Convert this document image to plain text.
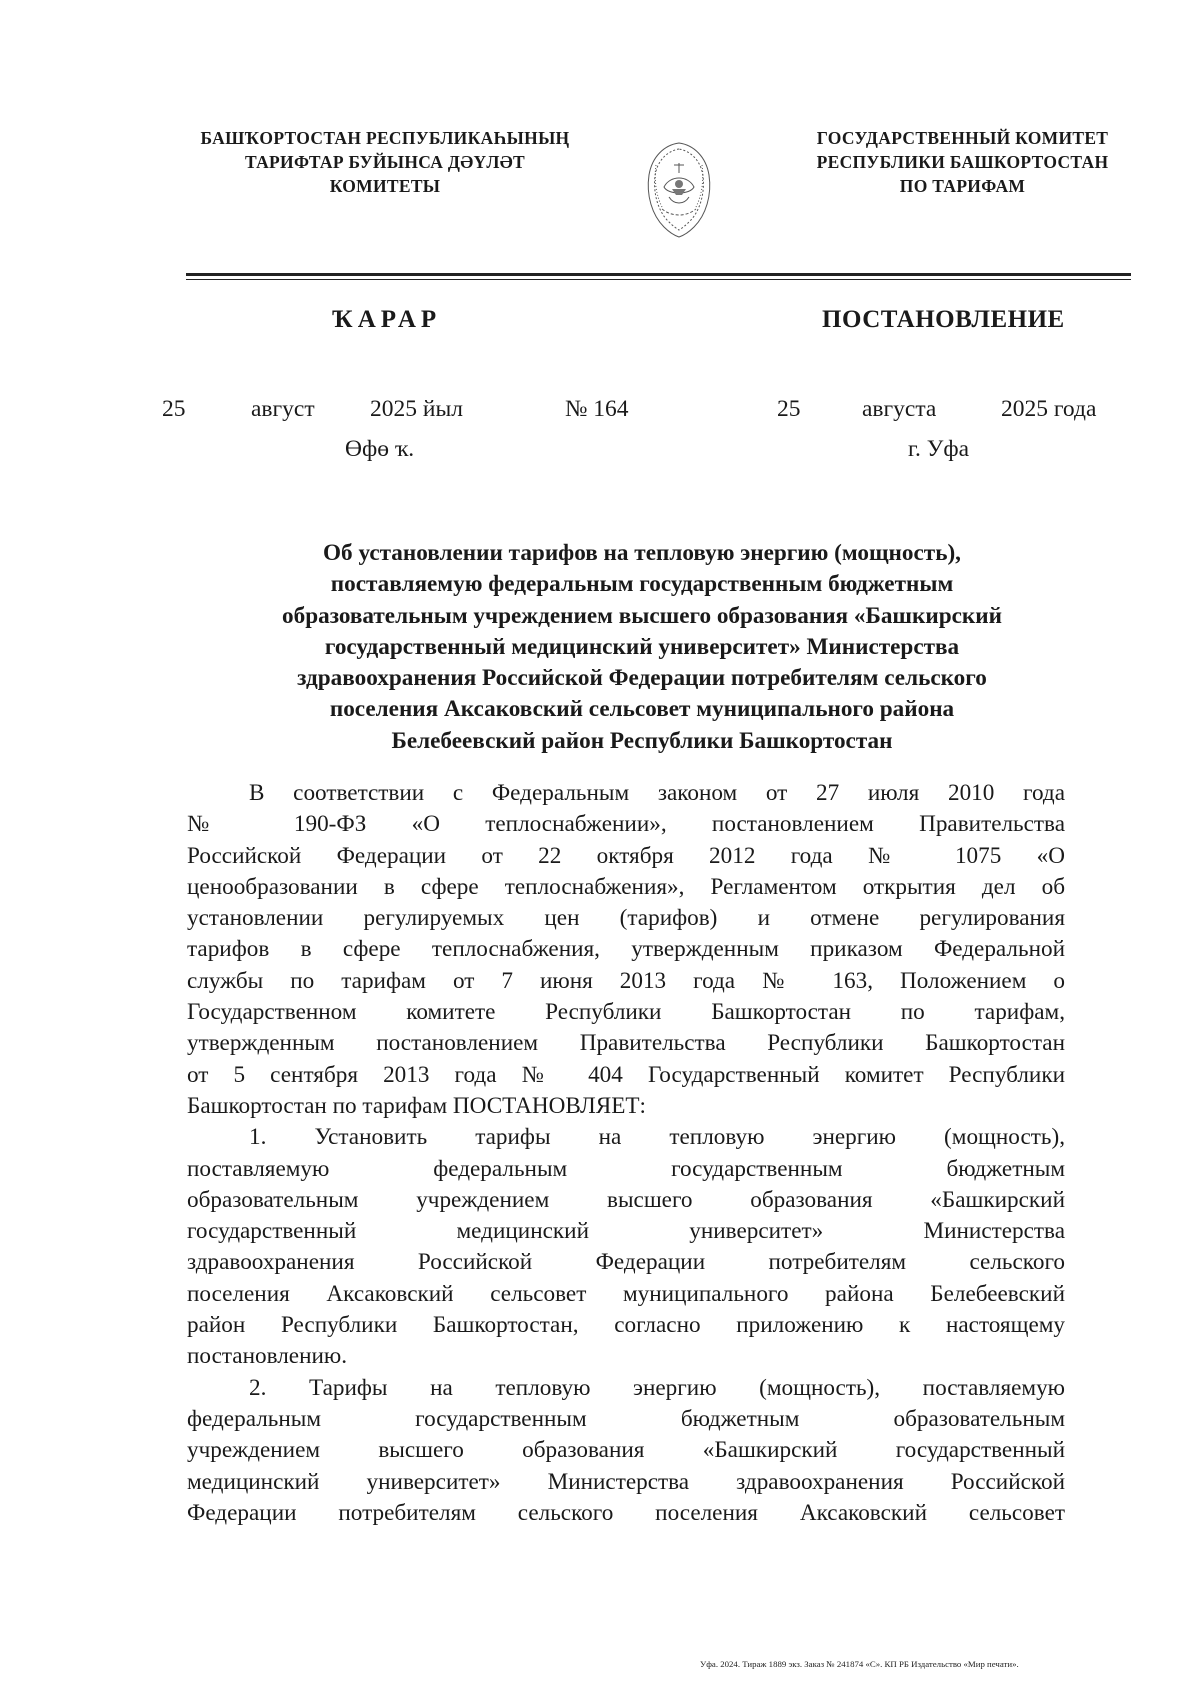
БАШҠОРТОСТАН РЕСПУБЛИКАҺЫНЫҢ
ТАРИФТАР БУЙЫНСА ДӘҮЛӘТ
КОМИТЕТЫ
ГОСУДАРСТВЕННЫЙ КОМИТЕТ
РЕСПУБЛИКИ БАШКОРТОСТАН
ПО ТАРИФАМ
ҠАРАР	ПОСТАНОВЛЕНИЕ
25	август 2025 йыл	№ 164	25	августа	2025 года
Өфө ҡ.	г. Уфа
Об установлении тарифов на тепловую энергию (мощность),
поставляемую федеральным государственным бюджетным
образовательным учреждением высшего образования «Башкирский
государственный медицинский университет» Министерства
здравоохранения Российской Федерации потребителям сельского
поселения Аксаковский сельсовет муниципального района
Белебеевский район Республики Башкортостан
В соответствии с Федеральным законом от 27 июля 2010 года
№ 190-ФЗ «О теплоснабжении», постановлением Правительства
Российской Федерации от 22 октября 2012 года № 1075 «О
ценообразовании в сфере теплоснабжения», Регламентом открытия дел об
установлении регулируемых цен (тарифов) и отмене регулирования
тарифов в сфере теплоснабжения, утвержденным приказом Федеральной
службы по тарифам от 7 июня 2013 года № 163, Положением о
Государственном комитете Республики Башкортостан по тарифам,
утвержденным постановлением Правительства Республики Башкортостан
от 5 сентября 2013 года № 404 Государственный комитет Республики
Башкортостан по тарифам ПОСТАНОВЛЯЕТ:
1. Установить тарифы на тепловую энергию (мощность),
поставляемую федеральным государственным бюджетным
образовательным учреждением высшего образования «Башкирский
государственный медицинский университет» Министерства
здравоохранения Российской Федерации потребителям сельского
поселения Аксаковский сельсовет муниципального района Белебеевский
район Республики Башкортостан, согласно приложению к настоящему
постановлению.
2. Тарифы на тепловую энергию (мощность), поставляемую
федеральным государственным бюджетным образовательным
учреждением высшего образования «Башкирский государственный
медицинский университет» Министерства здравоохранения Российской
Федерации потребителям сельского поселения Аксаковский сельсовет
Уфа. 2024. Тираж 1889 экз. Заказ № 241874 «С». КП РБ Издательство «Мир печати».
